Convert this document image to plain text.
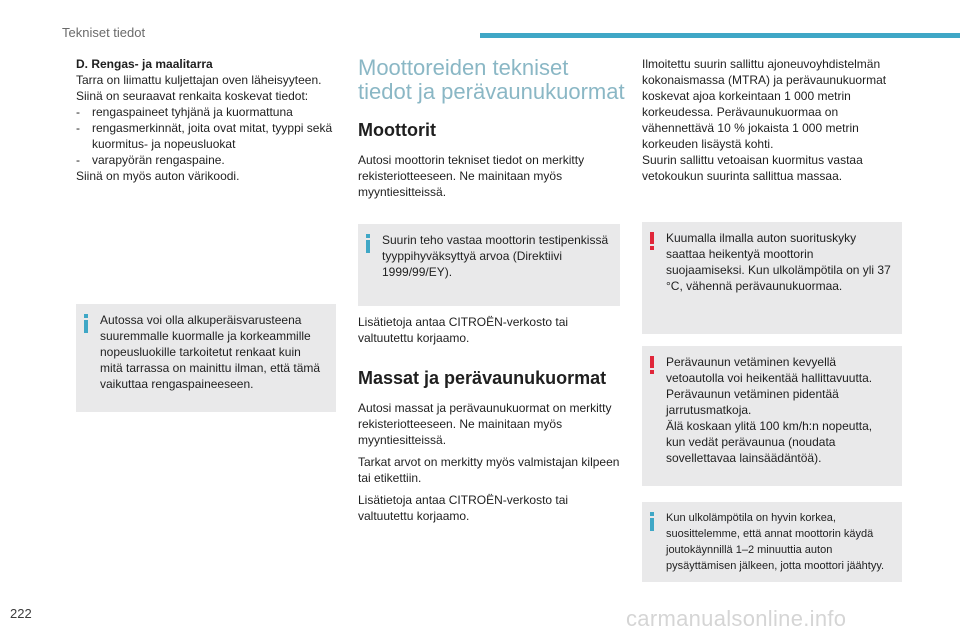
Tekniset tiedot

D. Rengas- ja maalitarra

Tarra on liimattu kuljettajan oven läheisyyteen.

Siinä on seuraavat renkaita koskevat tiedot:

-	rengaspaineet tyhjänä ja kuormattuna
-	rengasmerkinnät, joita ovat mitat, tyyppi sekä kuormitus- ja nopeusluokat
-	varapyörän rengaspaine.

Siinä on myös auton värikoodi.

Autossa voi olla alkuperäisvarusteena suuremmalle kuormalle ja korkeammille nopeusluokille tarkoitetut renkaat kuin mitä tarrassa on mainittu ilman, että tämä vaikuttaa rengaspaineeseen.
Moottoreiden tekniset tiedot ja perävaunukuormat
Moottorit
Autosi moottorin tekniset tiedot on merkitty rekisteriotteeseen. Ne mainitaan myös myyntiesitteissä.
Suurin teho vastaa moottorin testipenkissä tyyppihyväksyttyä arvoa (Direktiivi 1999/99/EY).
Lisätietoja antaa CITROËN-verkosto tai valtuutettu korjaamo.
Massat ja perävaunukuormat
Autosi massat ja perävaunukuormat on merkitty rekisteriotteeseen. Ne mainitaan myös myyntiesitteissä.
Tarkat arvot on merkitty myös valmistajan kilpeen tai etikettiin.
Lisätietoja antaa CITROËN-verkosto tai valtuutettu korjaamo.
Ilmoitettu suurin sallittu ajoneuvoyhdistelmän kokonaismassa (MTRA) ja perävaunukuormat koskevat ajoa korkeintaan 1 000 metrin korkeudessa. Perävaunukuormaa on vähennettävä 10 % jokaista 1 000 metrin korkeuden lisäystä kohti.
Suurin sallittu vetoaisan kuormitus vastaa vetokoukun suurinta sallittua massaa.
Kuumalla ilmalla auton suorituskyky saattaa heikentyä moottorin suojaamiseksi. Kun ulkolämpötila on yli 37 °C, vähennä perävaunukuormaa.

Perävaunun vetäminen kevyellä vetoautolla voi heikentää hallittavuutta. Perävaunun vetäminen pidentää jarrutusmatkoja.

Älä koskaan ylitä 100 km/h:n nopeutta, kun vedät perävaunua (noudata sovellettavaa lainsäädäntöä).

Kun ulkolämpötila on hyvin korkea, suosittelemme, että annat moottorin käydä joutokäynnillä 1–2 minuuttia auton pysäyttämisen jälkeen, jotta moottori jäähtyy.
222	carmanualsonline.info
